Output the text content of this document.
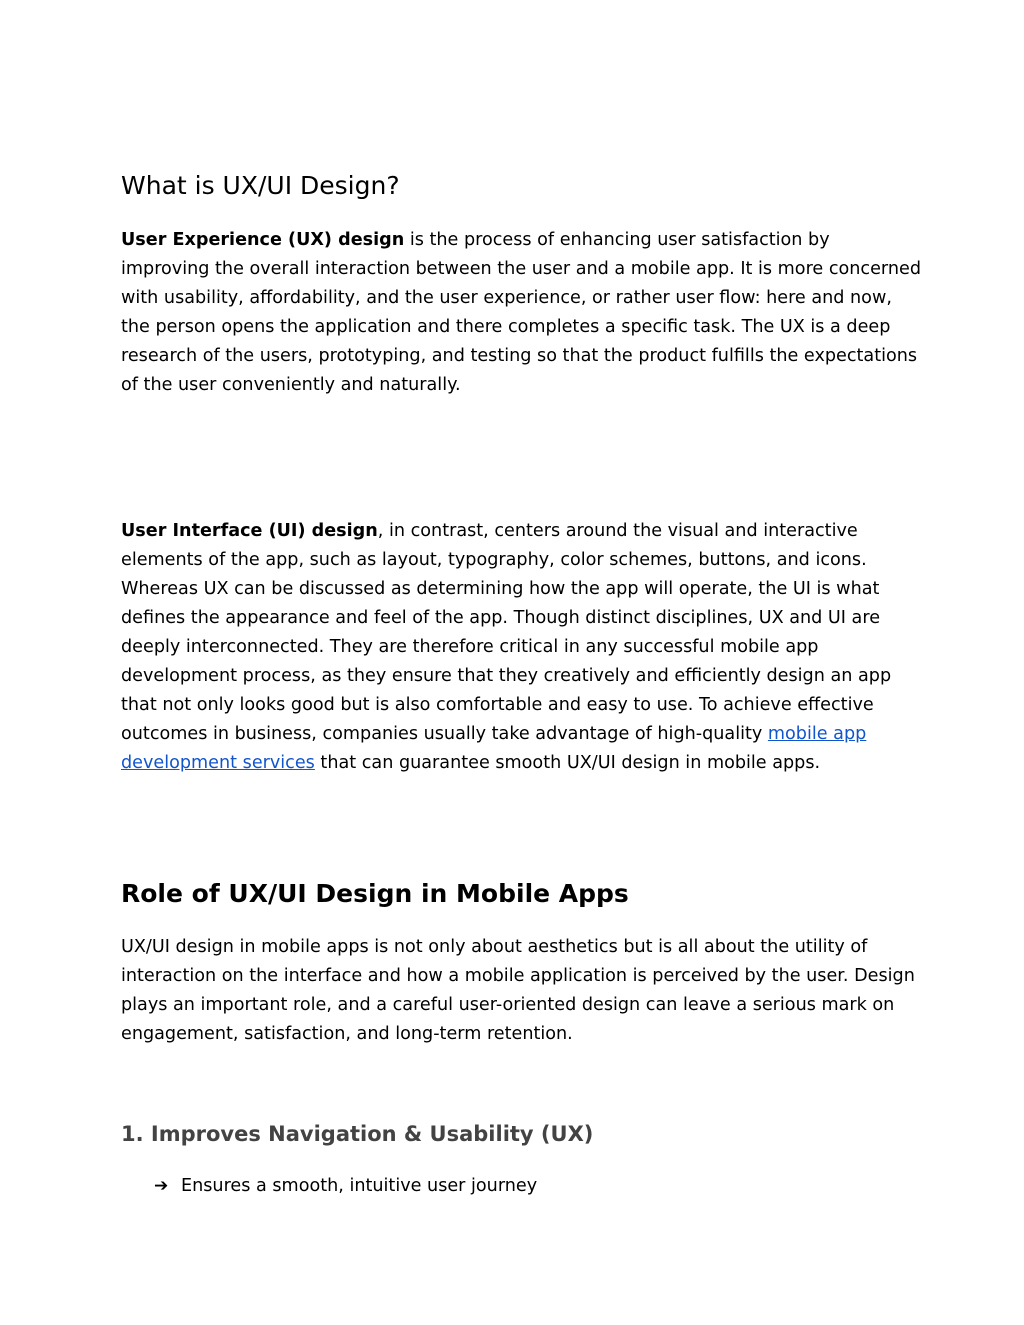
What is UX/UI Design?

User Experience (UX) design is the process of enhancing user satisfaction by improving the overall interaction between the user and a mobile app. It is more concerned with usability, affordability, and the user experience, or rather user flow: here and now, the person opens the application and there completes a specific task. The UX is a deep research of the users, prototyping, and testing so that the product fulfills the expectations of the user conveniently and naturally.

User Interface (UI) design, in contrast, centers around the visual and interactive elements of the app, such as layout, typography, color schemes, buttons, and icons. Whereas UX can be discussed as determining how the app will operate, the UI is what defines the appearance and feel of the app. Though distinct disciplines, UX and UI are deeply interconnected. They are therefore critical in any successful mobile app development process, as they ensure that they creatively and efficiently design an app that not only looks good but is also comfortable and easy to use. To achieve effective outcomes in business, companies usually take advantage of high-quality mobile app development services that can guarantee smooth UX/UI design in mobile apps.

Role of UX/UI Design in Mobile Apps

UX/UI design in mobile apps is not only about aesthetics but is all about the utility of interaction on the interface and how a mobile application is perceived by the user. Design plays an important role, and a careful user-oriented design can leave a serious mark on engagement, satisfaction, and long-term retention.

1. Improves Navigation & Usability (UX)
➔ Ensures a smooth, intuitive user journey
